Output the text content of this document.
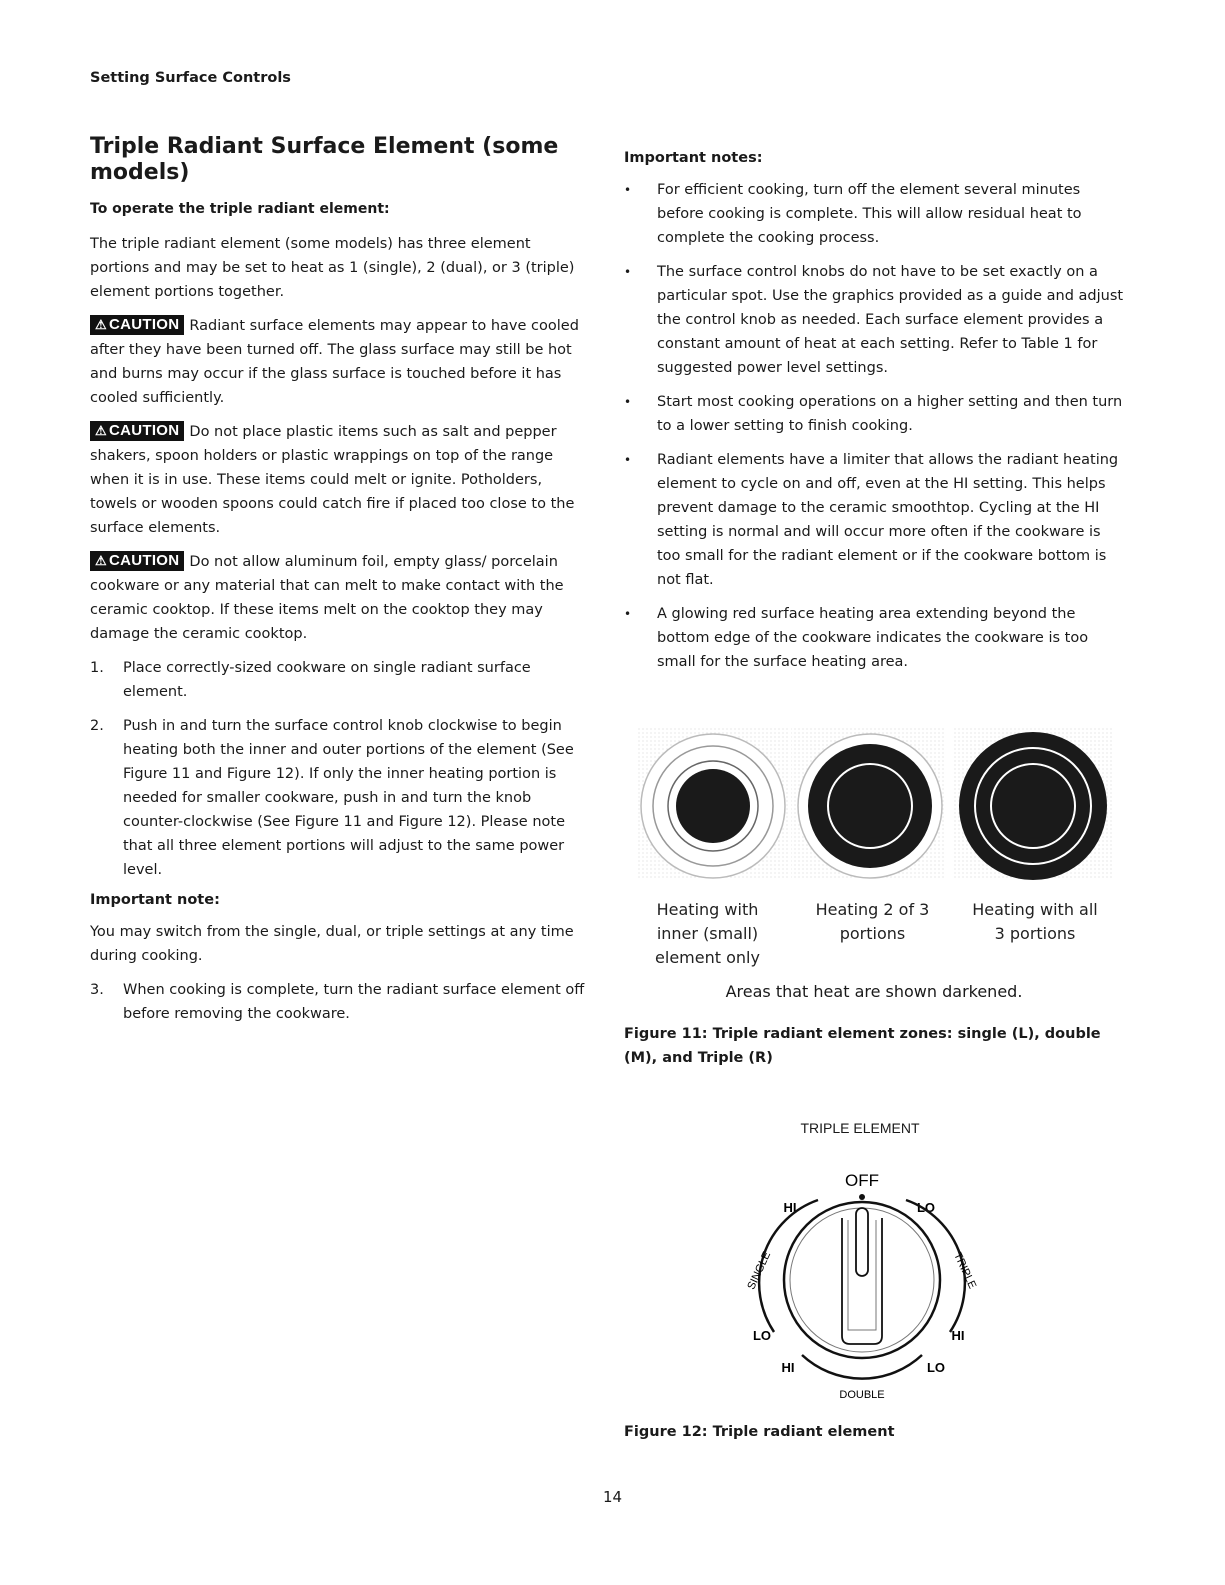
Setting Surface Controls
Triple Radiant Surface Element (some models)
To operate the triple radiant element:

The triple radiant element (some models) has three element portions and may be set to heat as 1 (single), 2 (dual), or 3 (triple) element portions together.

⚠ CAUTION Radiant surface elements may appear to have cooled after they have been turned off. The glass surface may still be hot and burns may occur if the glass surface is touched before it has cooled sufficiently.

⚠ CAUTION Do not place plastic items such as salt and pepper shakers, spoon holders or plastic wrappings on top of the range when it is in use. These items could melt or ignite. Potholders, towels or wooden spoons could catch fire if placed too close to the surface elements.

⚠ CAUTION Do not allow aluminum foil, empty glass/ porcelain cookware or any material that can melt to make contact with the ceramic cooktop. If these items melt on the cooktop they may damage the ceramic cooktop.

1.	Place correctly-sized cookware on single radiant surface element.
2.	Push in and turn the surface control knob clockwise to begin heating both the inner and outer portions of the element (See Figure 11 and Figure 12). If only the inner heating portion is needed for smaller cookware, push in and turn the knob counter-clockwise (See Figure 11 and Figure 12). Please note that all three element portions will adjust to the same power level.
Important note:

You may switch from the single, dual, or triple settings at any time during cooking.

3.	When cooking is complete, turn the radiant surface element off before removing the cookware.
Important notes:
•	For efficient cooking, turn off the element several minutes before cooking is complete. This will allow residual heat to complete the cooking process.
•	The surface control knobs do not have to be set exactly on a particular spot. Use the graphics provided as a guide and adjust the control knob as needed. Each surface element provides a constant amount of heat at each setting. Refer to Table 1 for suggested power level settings.
•	Start most cooking operations on a higher setting and then turn to a lower setting to finish cooking.
•	Radiant elements have a limiter that allows the radiant heating element to cycle on and off, even at the HI setting. This helps prevent damage to the ceramic smoothtop. Cycling at the HI setting is normal and will occur more often if the cookware is too small for the radiant element or if the cookware bottom is not flat.
•	A glowing red surface heating area extending beyond the bottom edge of the cookware indicates the cookware is too small for the surface heating area.
Heating with inner (small) element only
Heating 2 of 3 portions
Heating with all 3 portions
Areas that heat are shown darkened.
Figure 11: Triple radiant element zones: single (L), double (M), and Triple (R)
TRIPLE ELEMENT
OFF
HI	LO
SINGLE	TRIPLE
LO	HI
HI	LO
DOUBLE
Figure 12: Triple radiant element
14
